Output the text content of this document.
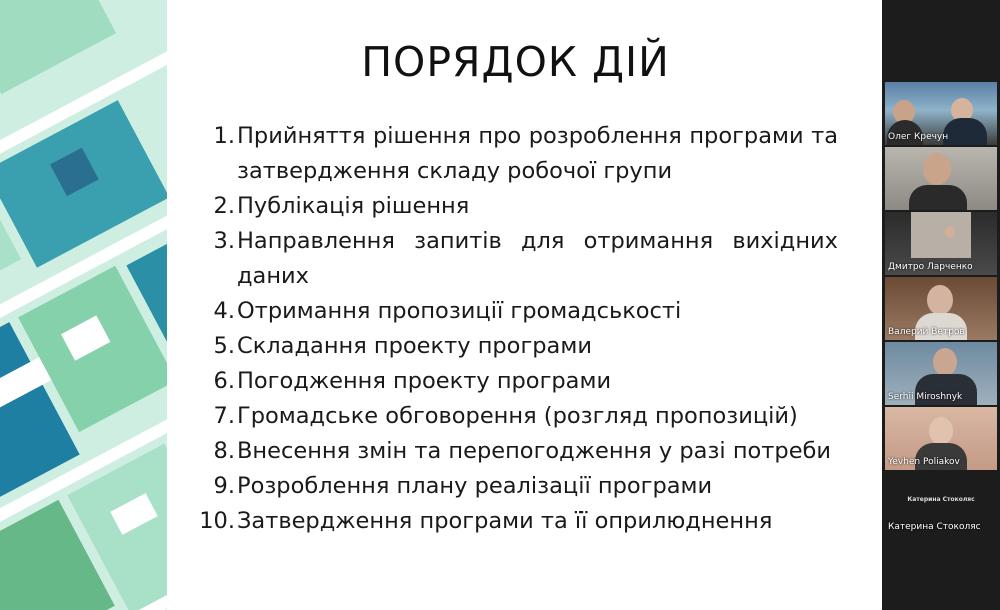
ПОРЯДОК ДІЙ
1. Прийняття рішення про розроблення програми та затвердження складу робочої групи
2. Публікація рішення
3. Направлення запитів для отримання вихідних даних
4. Отримання пропозиції громадськості
5. Складання проекту програми
6. Погодження проекту програми
7. Громадське обговорення (розгляд пропозицій)
8. Внесення змін та перепогодження у разі потреби
9. Розроблення плану реалізації програми
10. Затвердження програми та її оприлюднення
Олег Кречун
Дмитро Ларченко
Валерий Ветров
Serhii Miroshnyk
Yevhen Poliakov
Катерина Стоколяс
Катерина Стоколяс
